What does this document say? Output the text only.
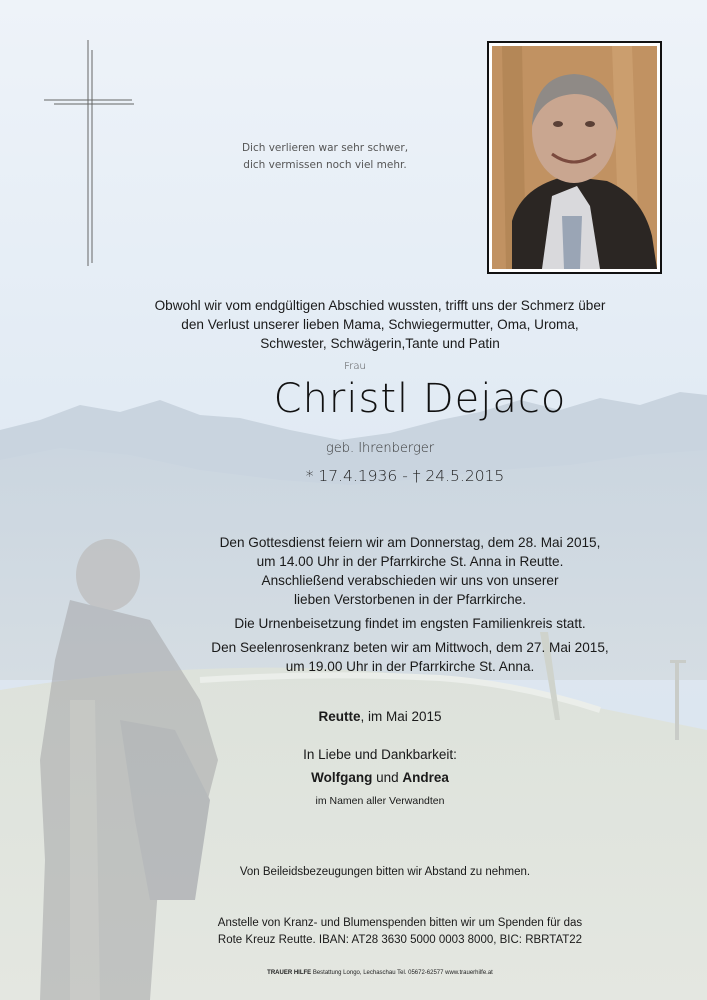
Dich verlieren war sehr schwer,
dich vermissen noch viel mehr.
Obwohl wir vom endgültigen Abschied wussten, trifft uns der Schmerz über
den Verlust unserer lieben Mama, Schwiegermutter, Oma, Uroma,
Schwester, Schwägerin,Tante und Patin
Frau
Christl Dejaco
geb. Ihrenberger
* 17.4.1936 - † 24.5.2015
Den Gottesdienst feiern wir am Donnerstag, dem 28. Mai 2015,
um 14.00 Uhr in der Pfarrkirche St. Anna in Reutte.
Anschließend verabschieden wir uns von unserer
lieben Verstorbenen in der Pfarrkirche.
Die Urnenbeisetzung findet im engsten Familienkreis statt.
Den Seelenrosenkranz beten wir am Mittwoch, dem 27. Mai 2015,
um 19.00 Uhr in der Pfarrkirche St. Anna.
Reutte, im Mai 2015
In Liebe und Dankbarkeit:
Wolfgang und Andrea
im Namen aller Verwandten
Von Beileidsbezeugungen bitten wir Abstand zu nehmen.
Anstelle von Kranz- und Blumenspenden bitten wir um Spenden für das
Rote Kreuz Reutte. IBAN: AT28 3630 5000 0003 8000, BIC: RBRTAT22
TRAUER HILFE Bestattung Longo, Lechaschau Tel. 05672-62577 www.trauerhilfe.at
